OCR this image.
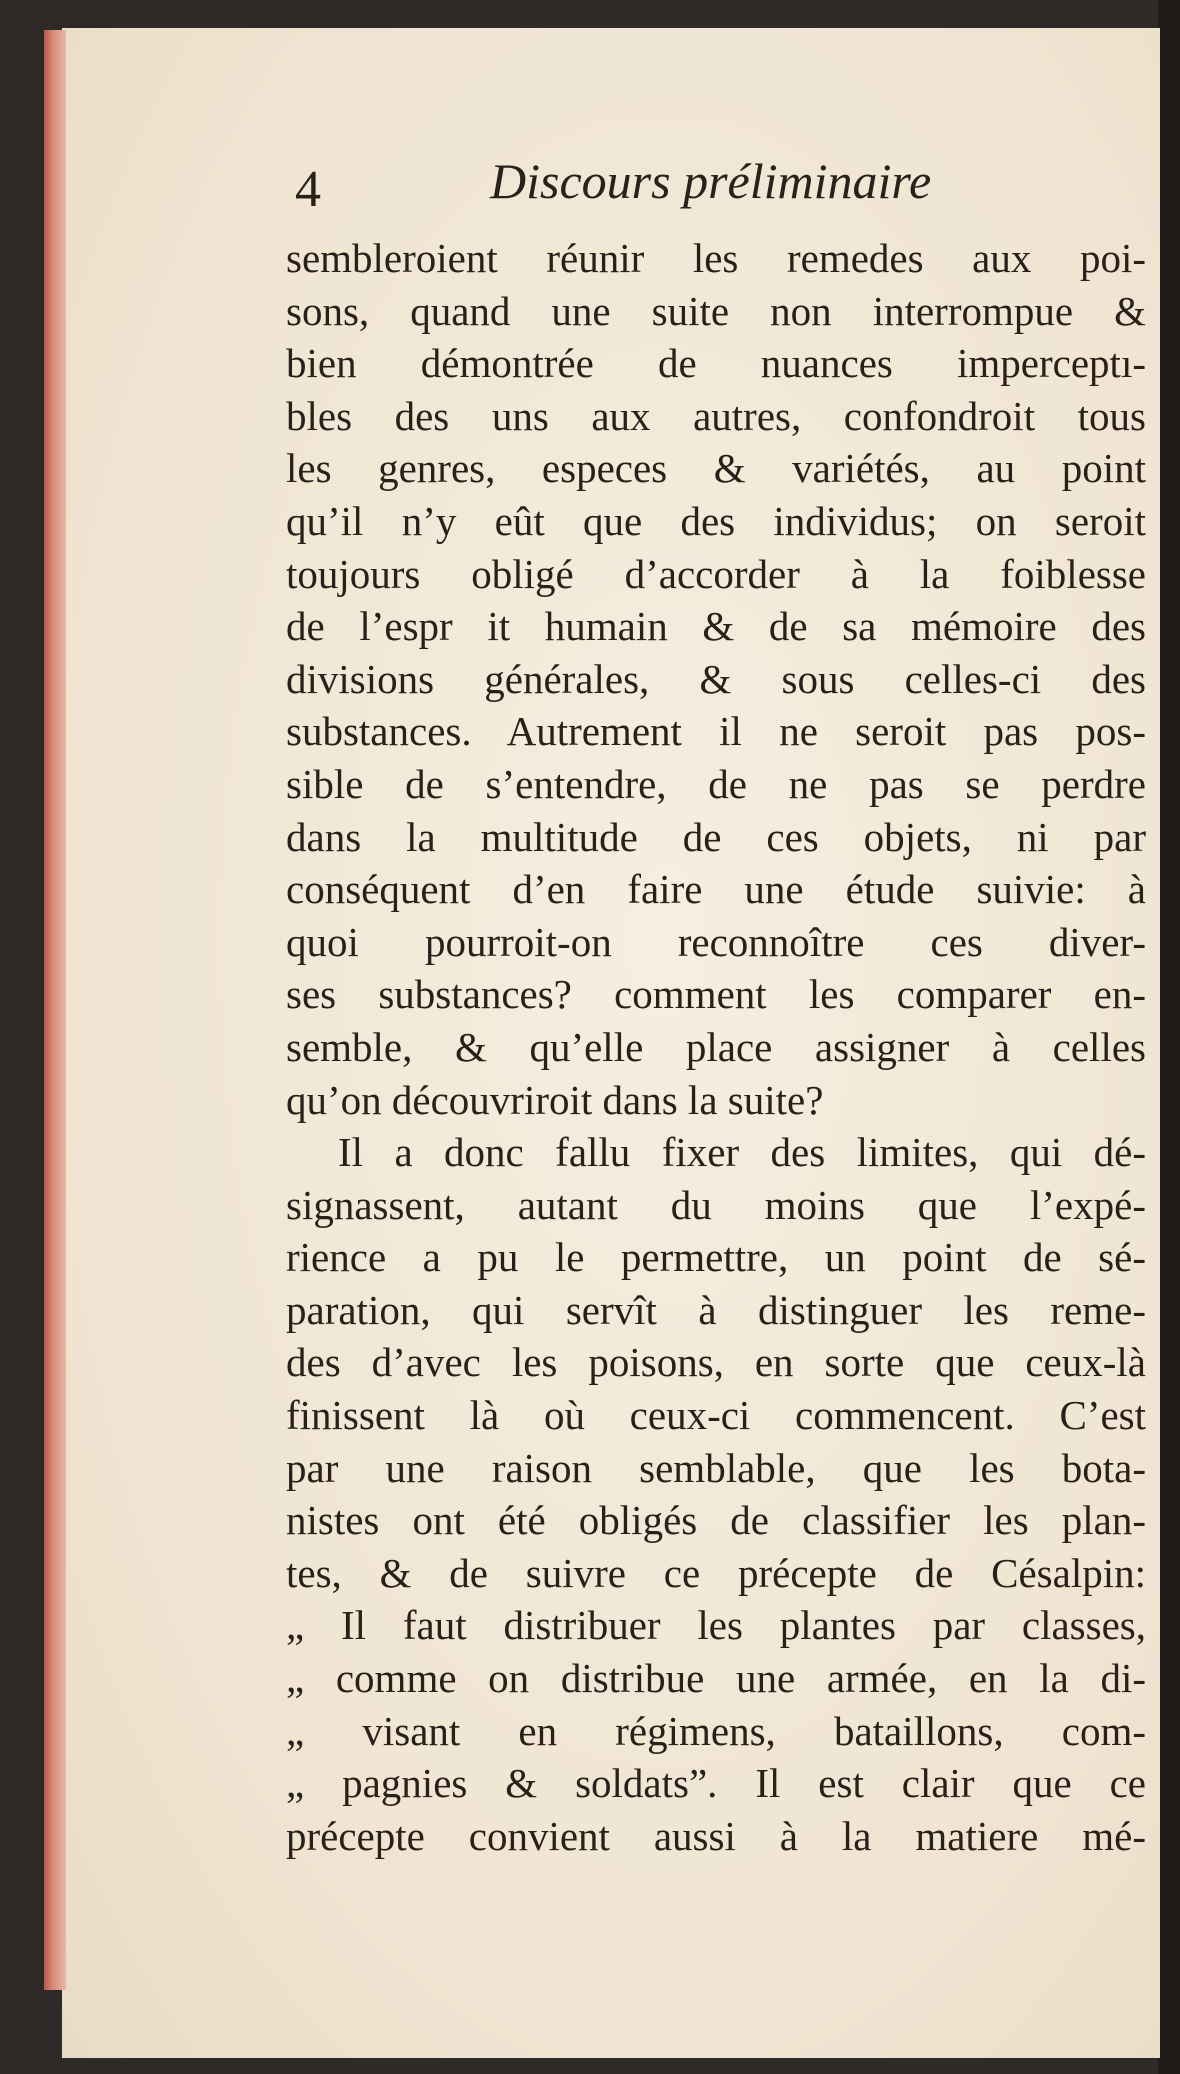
4	Discours préliminaire
sembleroient réunir les remedes aux poi-
sons, quand une suite non interrompue &
bien démontrée de nuances imperceptı-
bles des uns aux autres, confondroit tous
les genres, especes & variétés, au point
qu’il n’y eût que des individus; on seroit
toujours obligé d’accorder à la foiblesse
de l’espr it humain & de sa mémoire des
divisions générales, & sous celles-ci des
substances. Autrement il ne seroit pas pos-
sible de s’entendre, de ne pas se perdre
dans la multitude de ces objets, ni par
conséquent d’en faire une étude suivie: à
quoi pourroit-on reconnoître ces diver-
ses substances? comment les comparer en-
semble, & qu’elle place assigner à celles
qu’on découvriroit dans la suite?
Il a donc fallu fixer des limites, qui dé-
signassent, autant du moins que l’expé-
rience a pu le permettre, un point de sé-
paration, qui servît à distinguer les reme-
des d’avec les poisons, en sorte que ceux-là
finissent là où ceux-ci commencent. C’est
par une raison semblable, que les bota-
nistes ont été obligés de classifier les plan-
tes, & de suivre ce précepte de Césalpin:
„ Il faut distribuer les plantes par classes,
„ comme on distribue une armée, en la di-
„ visant en régimens, bataillons, com-
„ pagnies & soldats”. Il est clair que ce
précepte convient aussi à la matiere mé-
